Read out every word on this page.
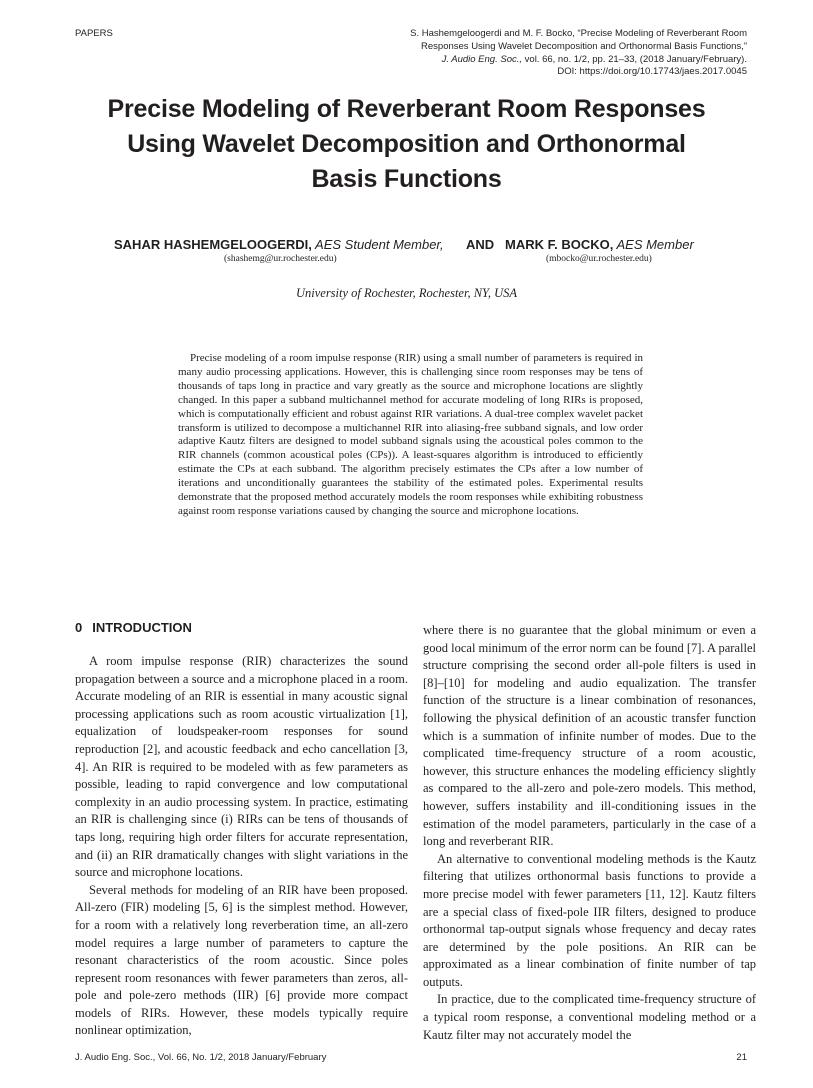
PAPERS	S. Hashemgeloogerdi and M. F. Bocko, “Precise Modeling of Reverberant Room
Responses Using Wavelet Decomposition and Orthonormal Basis Functions,”
J. Audio Eng. Soc., vol. 66, no. 1/2, pp. 21–33, (2018 January/February).
DOI: https://doi.org/10.17743/jaes.2017.0045
Precise Modeling of Reverberant Room Responses
Using Wavelet Decomposition and Orthonormal
Basis Functions
SAHAR HASHEMGELOOGERDI, AES Student Member, AND MARK F. BOCKO, AES Member
(shashemg@ur.rochester.edu)	(mbocko@ur.rochester.edu)
University of Rochester, Rochester, NY, USA

Precise modeling of a room impulse response (RIR) using a small number of parameters is required in many audio processing applications. However, this is challenging since room responses may be tens of thousands of taps long in practice and vary greatly as the source and microphone locations are slightly changed. In this paper a subband multichannel method for accurate modeling of long RIRs is proposed, which is computationally efficient and robust against RIR variations. A dual-tree complex wavelet packet transform is utilized to decompose a multichannel RIR into aliasing-free subband signals, and low order adaptive Kautz filters are designed to model subband signals using the acoustical poles common to the RIR channels (common acoustical poles (CPs)). A least-squares algorithm is introduced to efficiently estimate the CPs at each subband. The algorithm precisely estimates the CPs after a low number of iterations and unconditionally guarantees the stability of the estimated poles. Experimental results demonstrate that the proposed method accurately models the room responses while exhibiting robustness against room response variations caused by changing the source and microphone locations.

0 INTRODUCTION

A room impulse response (RIR) characterizes the sound propagation between a source and a microphone placed in a room. Accurate modeling of an RIR is essential in many acoustic signal processing applications such as room acoustic virtualization [1], equalization of loudspeaker-room responses for sound reproduction [2], and acoustic feedback and echo cancellation [3, 4]. An RIR is required to be modeled with as few parameters as possible, leading to rapid convergence and low computational complexity in an audio processing system. In practice, estimating an RIR is challenging since (i) RIRs can be tens of thousands of taps long, requiring high order filters for accurate representation, and (ii) an RIR dramatically changes with slight variations in the source and microphone locations.

Several methods for modeling of an RIR have been proposed. All-zero (FIR) modeling [5, 6] is the simplest method. However, for a room with a relatively long reverberation time, an all-zero model requires a large number of parameters to capture the resonant characteristics of the room acoustic. Since poles represent room resonances with fewer parameters than zeros, all-pole and pole-zero methods (IIR) [6] provide more compact models of RIRs. However, these models typically require nonlinear optimization,

where there is no guarantee that the global minimum or even a good local minimum of the error norm can be found [7]. A parallel structure comprising the second order all-pole filters is used in [8]–[10] for modeling and audio equalization. The transfer function of the structure is a linear combination of resonances, following the physical definition of an acoustic transfer function which is a summation of infinite number of modes. Due to the complicated time-frequency structure of a room acoustic, however, this structure enhances the modeling efficiency slightly as compared to the all-zero and pole-zero models. This method, however, suffers instability and ill-conditioning issues in the estimation of the model parameters, particularly in the case of a long and reverberant RIR.

An alternative to conventional modeling methods is the Kautz filtering that utilizes orthonormal basis functions to provide a more precise model with fewer parameters [11, 12]. Kautz filters are a special class of fixed-pole IIR filters, designed to produce orthonormal tap-output signals whose frequency and decay rates are determined by the pole positions. An RIR can be approximated as a linear combination of finite number of tap outputs.

In practice, due to the complicated time-frequency structure of a typical room response, a conventional modeling method or a Kautz filter may not accurately model the

J. Audio Eng. Soc., Vol. 66, No. 1/2, 2018 January/February	21
